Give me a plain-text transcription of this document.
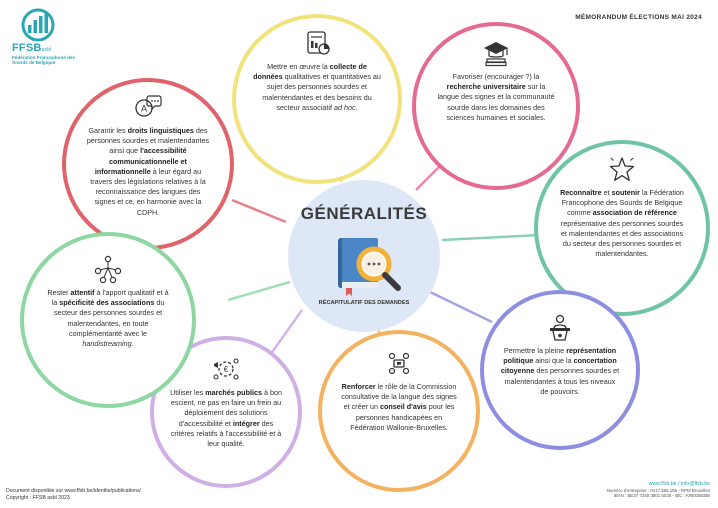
FFSBasbl
Fédération Francophone des Sourds de Belgique
MÉMORANDUM ÉLECTIONS MAI 2024
A
Garantir les droits linguistiques des personnes sourdes et malentendantes ainsi que l'accessibilité communicationnelle et informationnelle à leur égard au travers des législations relatives à la reconnaissance des langues des signes et ce, en harmonie avec la CDPH.
Mettre en œuvre la collecte de données qualitatives et quantitatives au sujet des personnes sourdes et malentendantes et des besoins du secteur associatif ad hoc.
Favoriser (encourager ?) la recherche universitaire sur la langue des signes et la communauté sourde dans les domaines des sciences humaines et sociales.
Reconnaître et soutenir la Fédération Francophone des Sourds de Belgique comme association de référence représentative des personnes sourdes et malentendantes et des associations du secteur des personnes sourdes et malentendantes.
Permettre la pleine représentation politique ainsi que la concertation citoyenne des personnes sourdes et malentendantes à tous les niveaux de pouvoirs.
Renforcer le rôle de la Commission consultative de la langue des signes et créer un conseil d'avis pour les personnes handicapées en Fédération Wallonie-Bruxelles.
€
Utiliser les marchés publics à bon escient, ne pas en faire un frein au déploiement des solutions d'accessibilité et intégrer des critères relatifs à l'accessibilité et à leur qualité.
Rester attentif à l'apport qualitatif et à la spécificité des associations du secteur des personnes sourdes et malentendantes, en toute complémentarité avec le handistreaming.
GÉNÉRALITÉS
RÉCAPITULATIF DES DEMANDES
Document disponible sur www.ffsb.be/identite/publications/
Copyright : FFSB asbl 2023
www.ffsb.be / info@ffsb.be
Numéro d'entreprise : 0417.366.155 - RPM Bruxelles
IBAN : BE37 7340 3801 5028 - BIC : KREDBEBB
